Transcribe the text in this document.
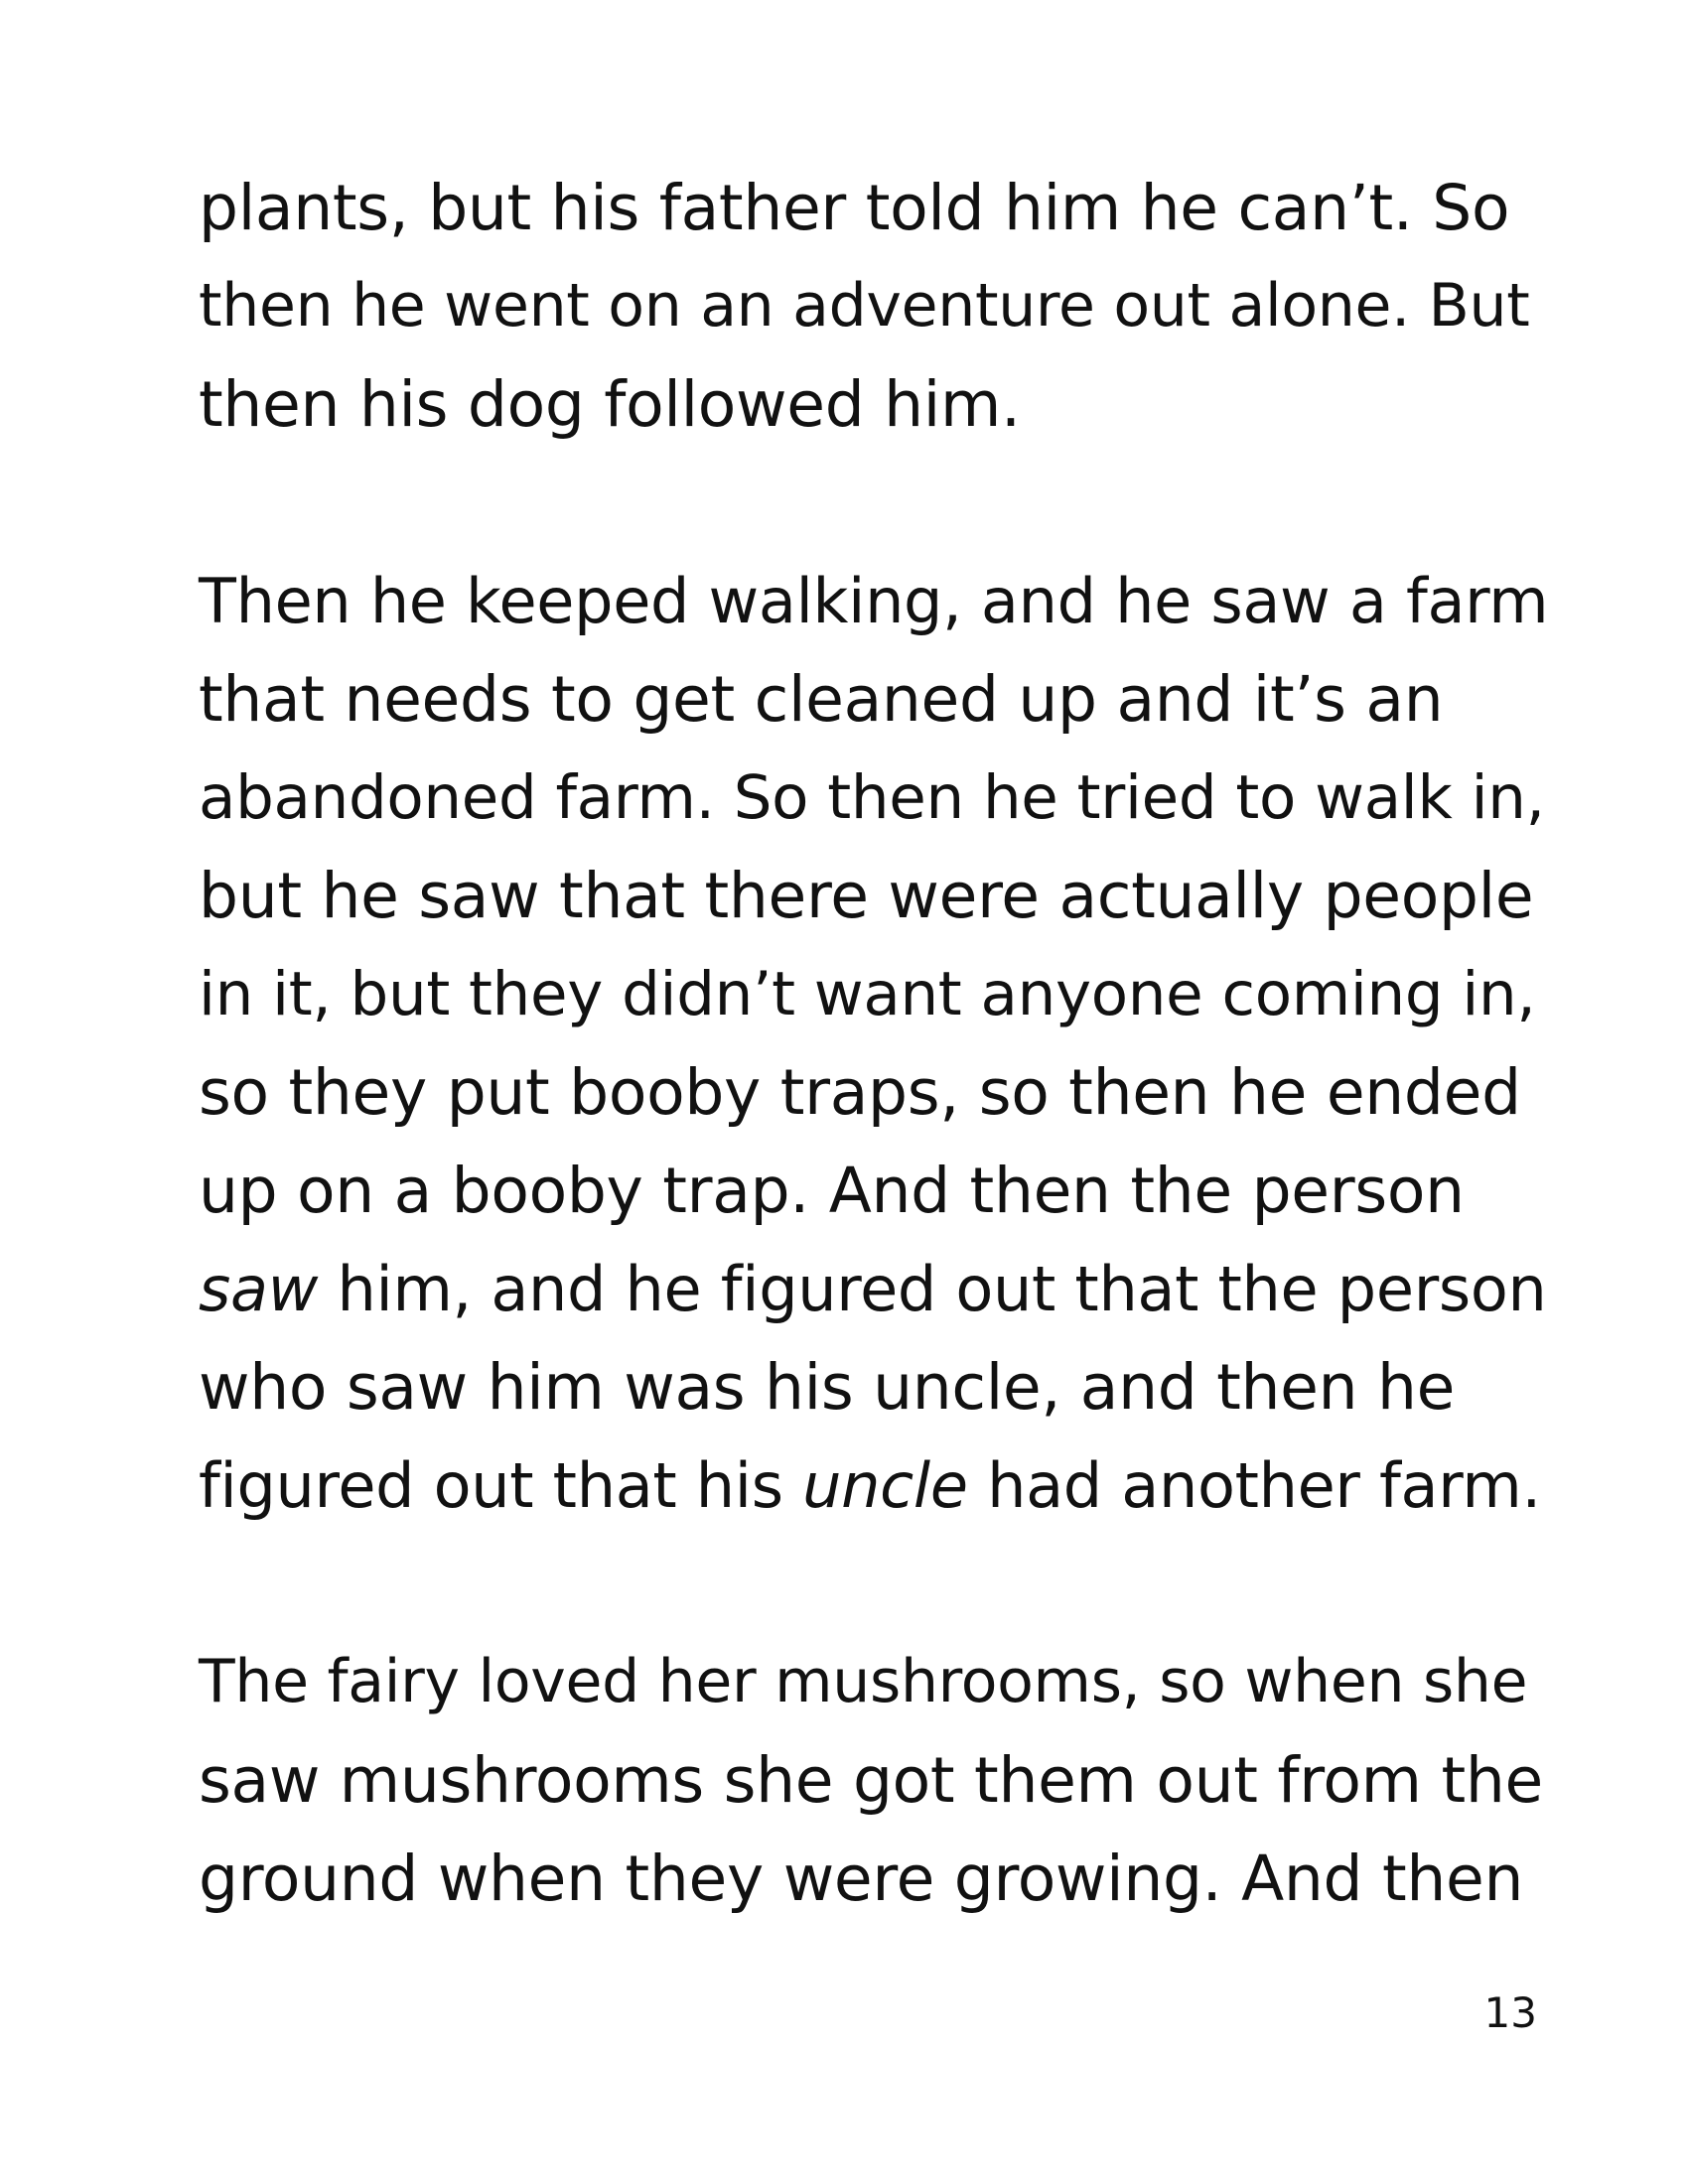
plants, but his father told him he can’t. So
then he went on an adventure out alone. But
then his dog followed him.
Then he keeped walking, and he saw a farm
that needs to get cleaned up and it’s an
abandoned farm. So then he tried to walk in,
but he saw that there were actually people
in it, but they didn’t want anyone coming in,
so they put booby traps, so then he ended
up on a booby trap. And then the person
saw him, and he figured out that the person
who saw him was his uncle, and then he
figured out that his uncle had another farm.
The fairy loved her mushrooms, so when she
saw mushrooms she got them out from the
ground when they were growing. And then
13
